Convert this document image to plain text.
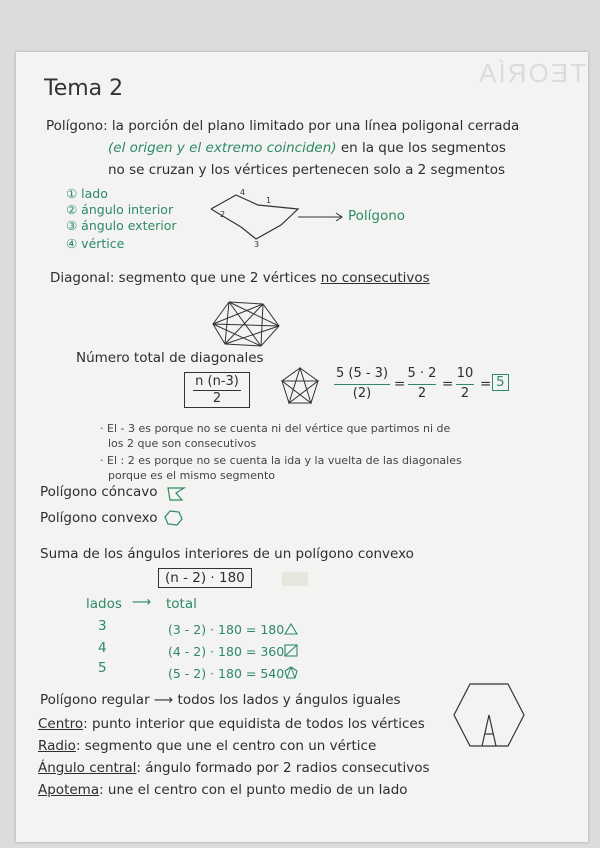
TEORÍA
Tema 2
Polígono: la porción del plano limitado por una línea poligonal cerrada
(el origen y el extremo coinciden) en la que los segmentos
no se cruzan y los vértices pertenecen solo a 2 segmentos
① lado
② ángulo interior
③ ángulo exterior
④ vértice
4
1
2
3
Polígono
Diagonal: segmento que une 2 vértices no consecutivos
Número total de diagonales
n (n-3)
2
5 (5 - 3)
(2)
=
5 · 2
2
=
10
2
= 5
· El - 3 es porque no se cuenta ni del vértice que partimos ni de
los 2 que son consecutivos
· El : 2 es porque no se cuenta la ida y la vuelta de las diagonales
porque es el mismo segmento
Polígono cóncavo
Polígono convexo
Suma de los ángulos interiores de un polígono convexo
(n - 2) · 180
lados ⟶ total
3	(3 - 2) · 180 = 180
4	(4 - 2) · 180 = 360
5	(5 - 2) · 180 = 540
Polígono regular ⟶ todos los lados y ángulos iguales
Centro: punto interior que equidista de todos los vértices
Radio: segmento que une el centro con un vértice
Ángulo central: ángulo formado por 2 radios consecutivos
Apotema: une el centro con el punto medio de un lado
